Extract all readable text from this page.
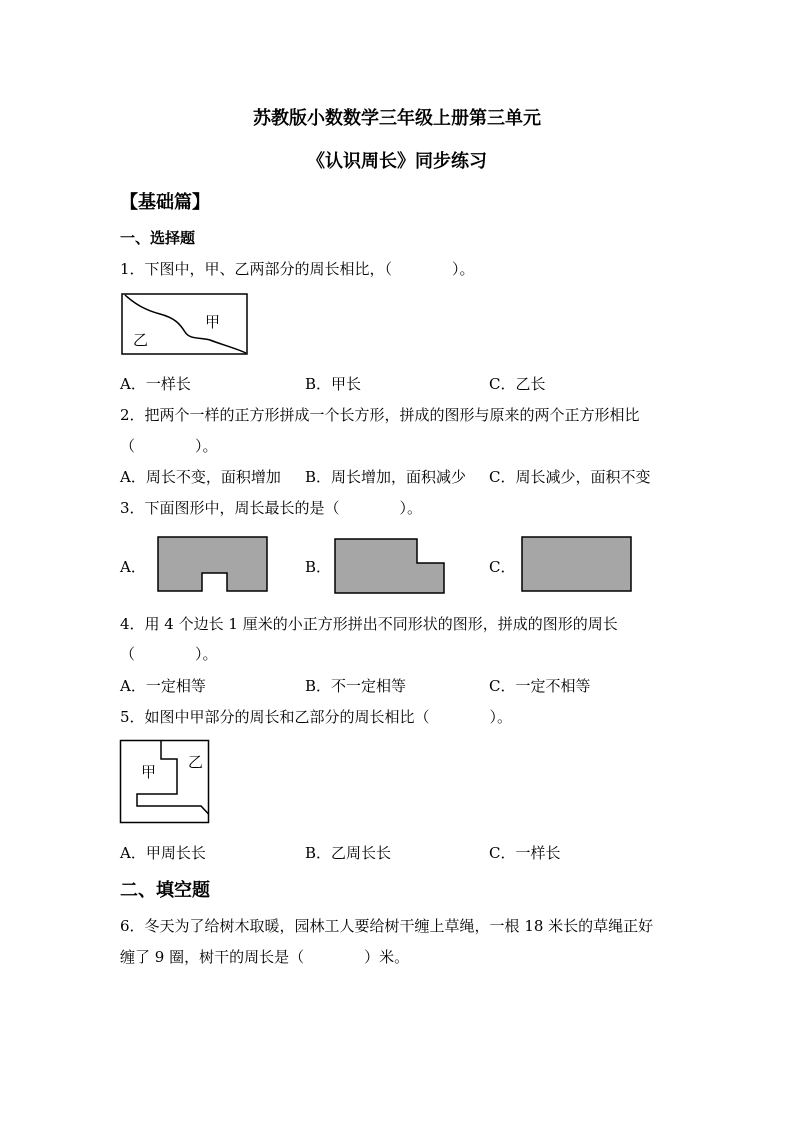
苏教版小数数学三年级上册第三单元
《认识周长》同步练习
【基础篇】
一、选择题
1．下图中，甲、乙两部分的周长相比，（　　　　）。
甲
乙
A．一样长	B．甲长	C．乙长
2．把两个一样的正方形拼成一个长方形，拼成的图形与原来的两个正方形相比
（　　　　）。
A．周长不变，面积增加 B．周长增加，面积减少 C．周长减少，面积不变
3．下面图形中，周长最长的是（　　　　）。
A．	B．	C．
4．用 4 个边长 1 厘米的小正方形拼出不同形状的图形，拼成的图形的周长
（　　　　）。
A．一定相等	B．不一定相等	C．一定不相等
5．如图中甲部分的周长和乙部分的周长相比（　　　　）。
甲
乙
A．甲周长长	B．乙周长长	C．一样长
二、填空题
6．冬天为了给树木取暖，园林工人要给树干缠上草绳，一根 18 米长的草绳正好
缠了 9 圈，树干的周长是（　　　　）米。
